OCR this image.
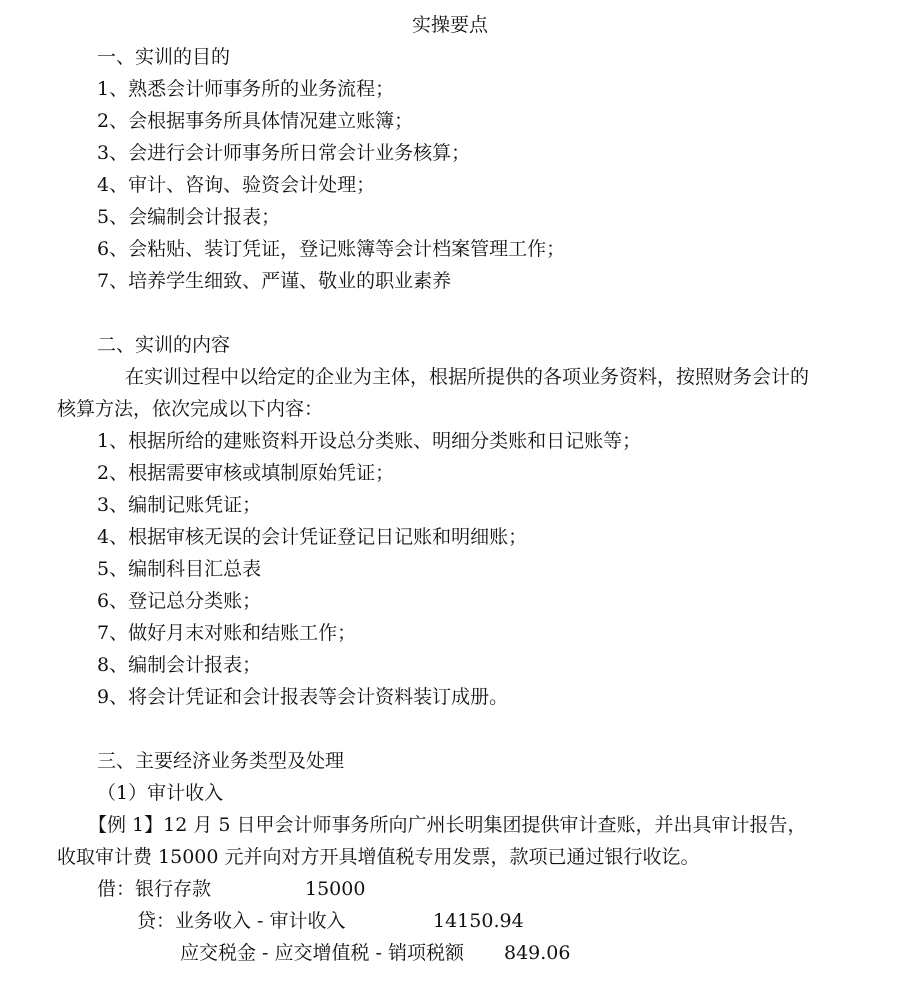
实操要点
一、实训的目的
1、熟悉会计师事务所的业务流程；
2、会根据事务所具体情况建立账簿；
3、会进行会计师事务所日常会计业务核算；
4、审计、咨询、验资会计处理；
5、会编制会计报表；
6、会粘贴、装订凭证，登记账簿等会计档案管理工作；
7、培养学生细致、严谨、敬业的职业素养
二、实训的内容
在实训过程中以给定的企业为主体，根据所提供的各项业务资料，按照财务会计的
核算方法，依次完成以下内容：
1、根据所给的建账资料开设总分类账、明细分类账和日记账等；
2、根据需要审核或填制原始凭证；
3、编制记账凭证；
4、根据审核无误的会计凭证登记日记账和明细账；
5、编制科目汇总表
6、登记总分类账；
7、做好月末对账和结账工作；
8、编制会计报表；
9、将会计凭证和会计报表等会计资料装订成册。
三、主要经济业务类型及处理
（1）审计收入
【例 1】12 月 5 日甲会计师事务所向广州长明集团提供审计查账，并出具审计报告，
收取审计费 15000 元并向对方开具增值税专用发票，款项已通过银行收讫。
借：银行存款	15000
贷：业务收入 - 审计收入	14150.94
应交税金 - 应交增值税 - 销项税额 849.06
